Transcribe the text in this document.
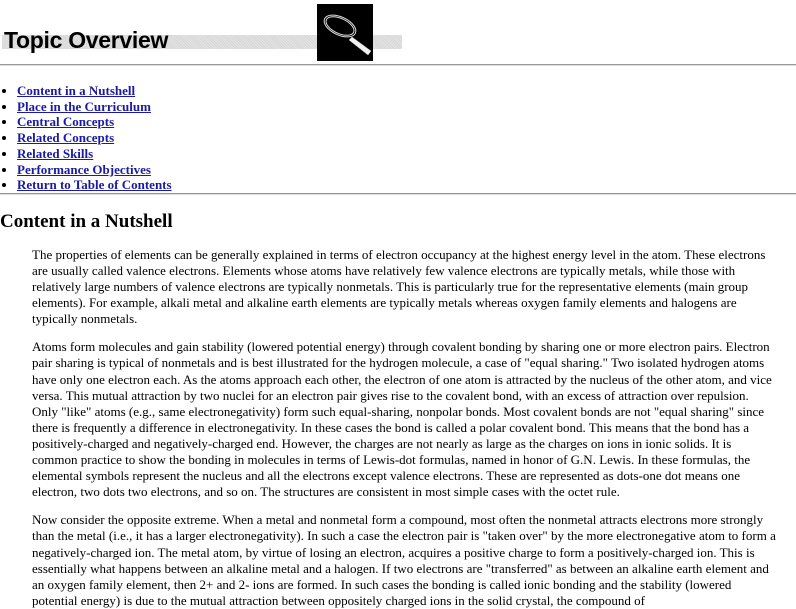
Topic Overview
• Content in a Nutshell
• Place in the Curriculum
• Central Concepts
• Related Concepts
• Related Skills
• Performance Objectives
• Return to Table of Contents
Content in a Nutshell

The properties of elements can be generally explained in terms of electron occupancy at the highest energy level in the atom. These electrons are usually called valence electrons. Elements whose atoms have relatively few valence electrons are typically metals, while those with relatively large numbers of valence electrons are typically nonmetals. This is particularly true for the representative elements (main group elements). For example, alkali metal and alkaline earth elements are typically metals whereas oxygen family elements and halogens are typically nonmetals.

Atoms form molecules and gain stability (lowered potential energy) through covalent bonding by sharing one or more electron pairs. Electron pair sharing is typical of nonmetals and is best illustrated for the hydrogen molecule, a case of "equal sharing." Two isolated hydrogen atoms have only one electron each. As the atoms approach each other, the electron of one atom is attracted by the nucleus of the other atom, and vice versa. This mutual attraction by two nuclei for an electron pair gives rise to the covalent bond, with an excess of attraction over repulsion. Only "like" atoms (e.g., same electronegativity) form such equal-sharing, nonpolar bonds. Most covalent bonds are not "equal sharing" since there is frequently a difference in electronegativity. In these cases the bond is called a polar covalent bond. This means that the bond has a positively-charged and negatively-charged end. However, the charges are not nearly as large as the charges on ions in ionic solids. It is common practice to show the bonding in molecules in terms of Lewis-dot formulas, named in honor of G.N. Lewis. In these formulas, the elemental symbols represent the nucleus and all the electrons except valence electrons. These are represented as dots-one dot means one electron, two dots two electrons, and so on. The structures are consistent in most simple cases with the octet rule.

Now consider the opposite extreme. When a metal and nonmetal form a compound, most often the nonmetal attracts electrons more strongly than the metal (i.e., it has a larger electronegativity). In such a case the electron pair is "taken over" by the more electronegative atom to form a negatively-charged ion. The metal atom, by virtue of losing an electron, acquires a positive charge to form a positively-charged ion. This is essentially what happens between an alkaline metal and a halogen. If two electrons are "transferred" as between an alkaline earth element and an oxygen family element, then 2+ and 2- ions are formed. In such cases the bonding is called ionic bonding and the stability (lowered potential energy) is due to the mutual attraction between oppositely charged ions in the solid crystal, the compound of
